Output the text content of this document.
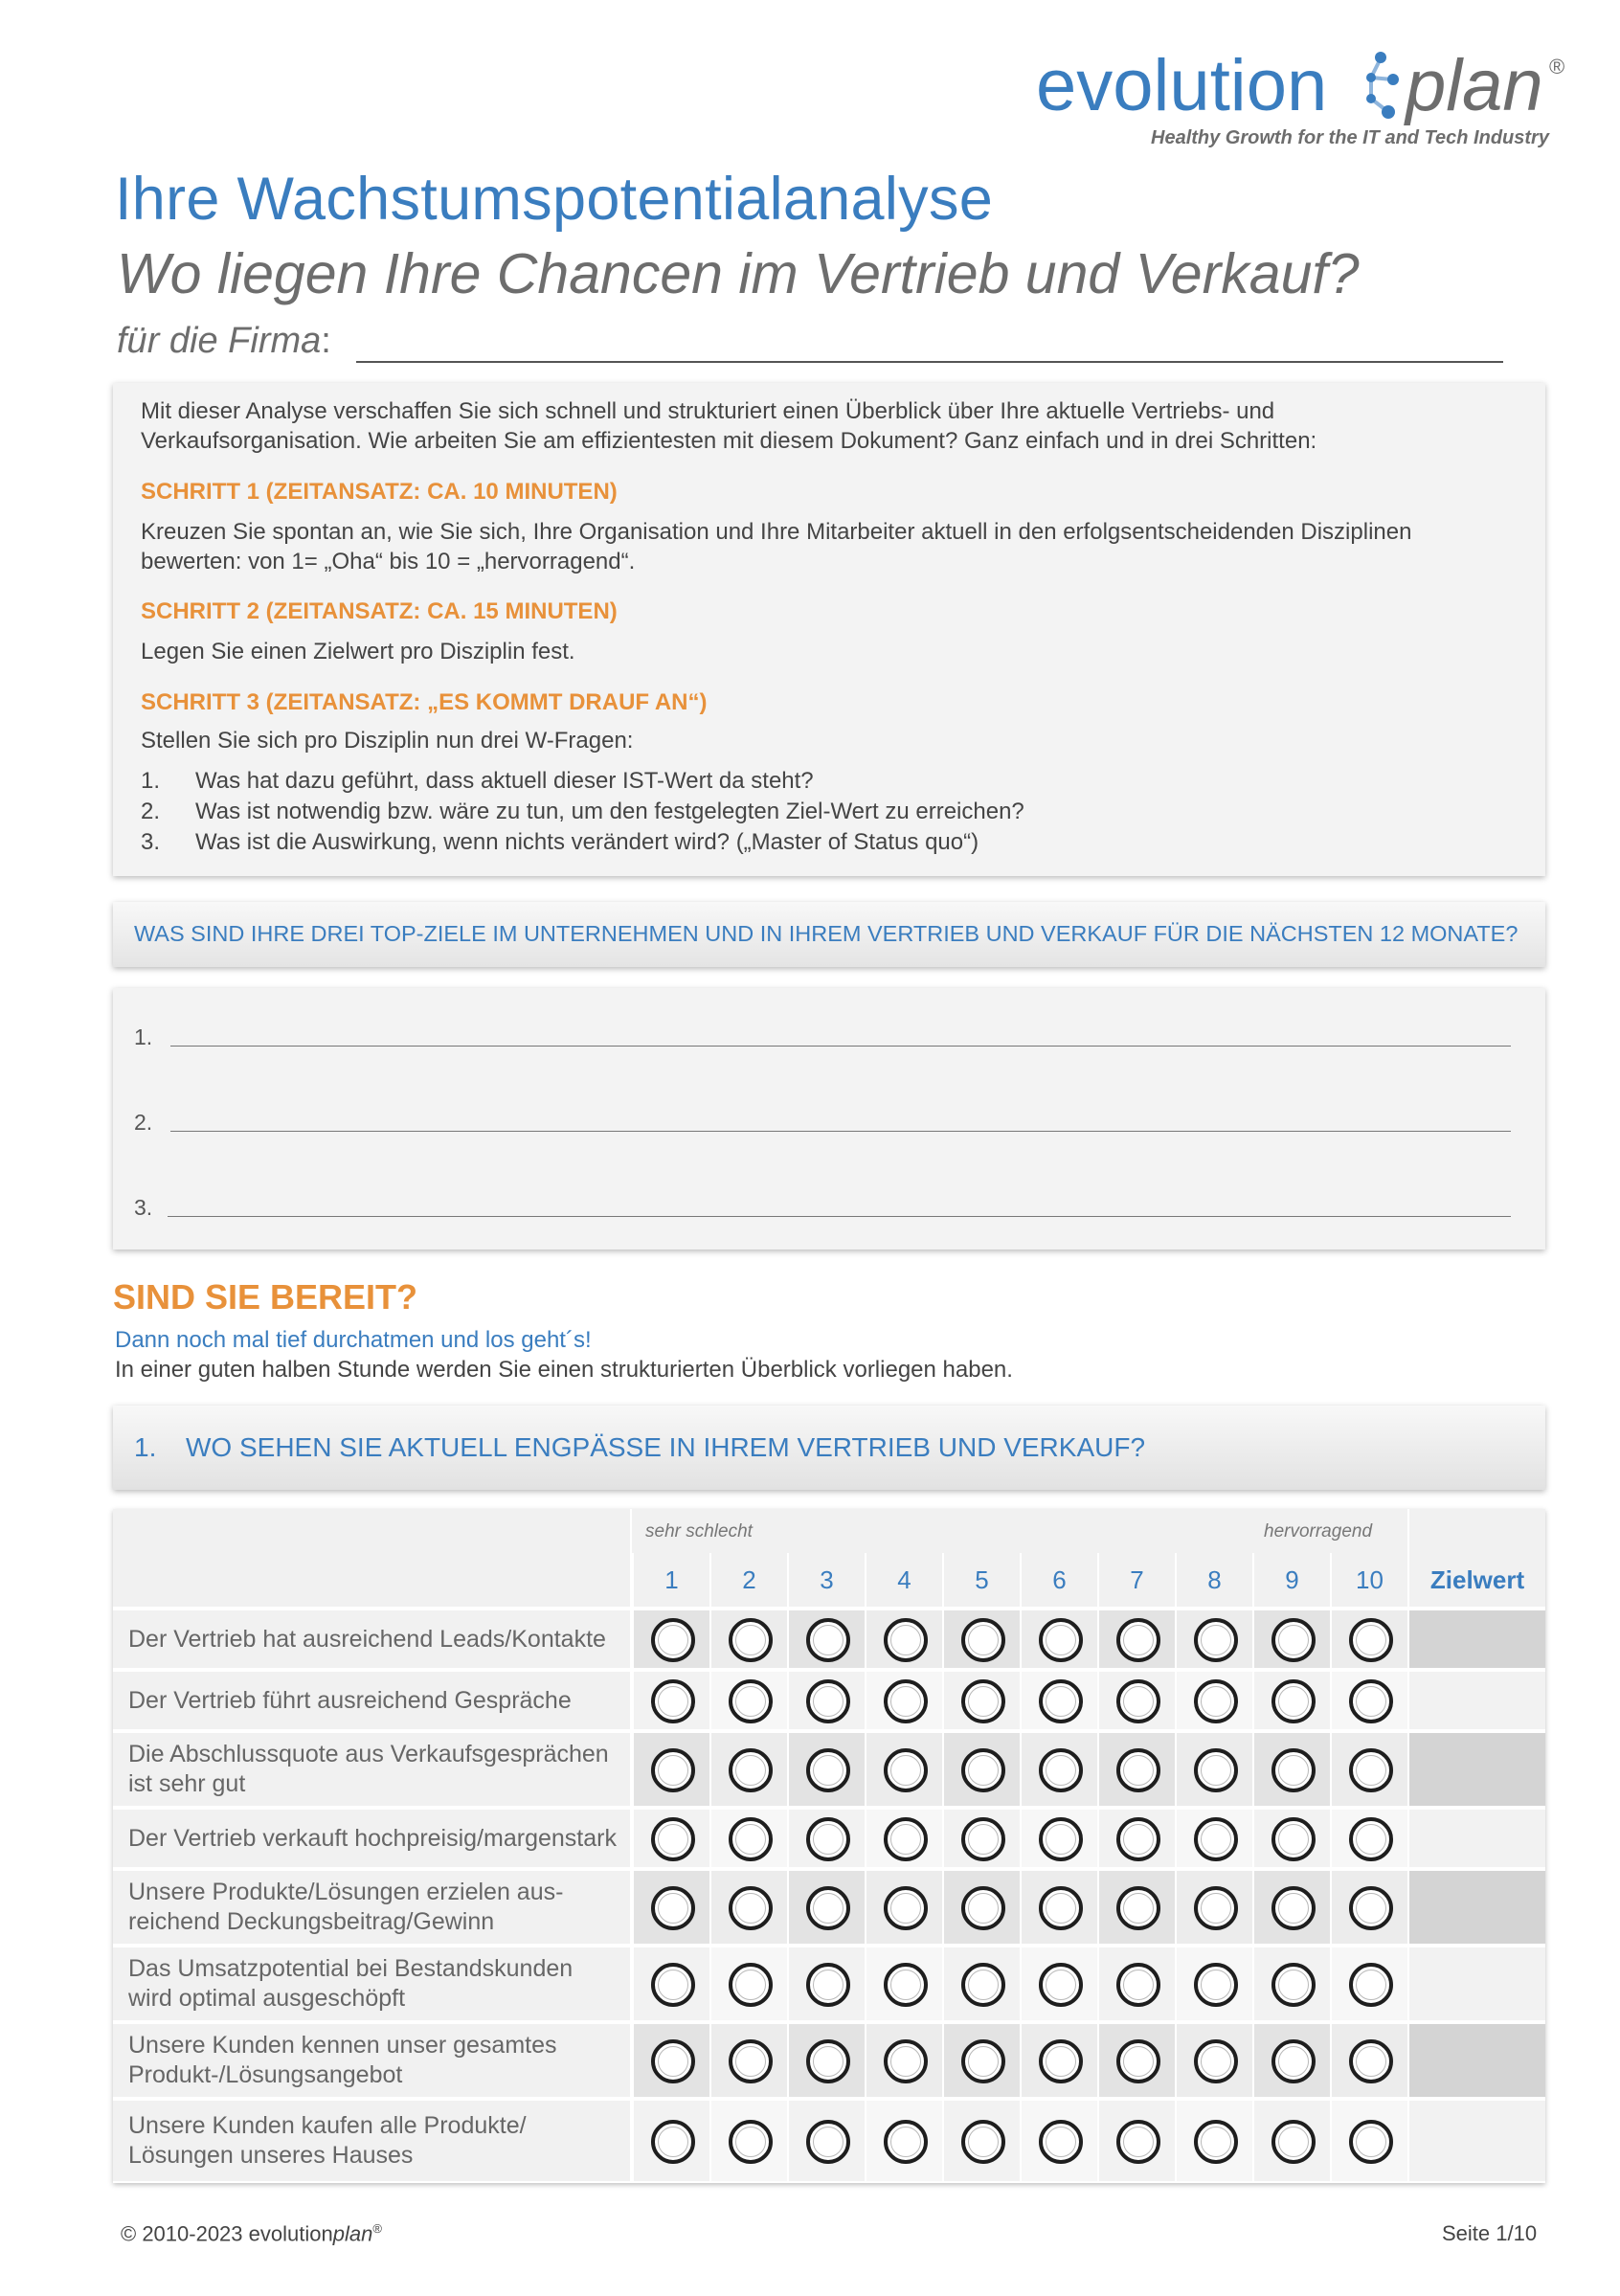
evolution plan ®
Healthy Growth for the IT and Tech Industry
Ihre Wachstumspotentialanalyse
Wo liegen Ihre Chancen im Vertrieb und Verkauf?
für die Firma:

Mit dieser Analyse verschaffen Sie sich schnell und strukturiert einen Überblick über Ihre aktuelle Vertriebs- und

Verkaufsorganisation. Wie arbeiten Sie am effizientesten mit diesem Dokument? Ganz einfach und in drei Schritten:

SCHRITT 1 (ZEITANSATZ: CA. 10 MINUTEN)

Kreuzen Sie spontan an, wie Sie sich, Ihre Organisation und Ihre Mitarbeiter aktuell in den erfolgsentscheidenden Disziplinen

bewerten: von 1= „Oha“ bis 10 = „hervorragend“.

SCHRITT 2 (ZEITANSATZ: CA. 15 MINUTEN)

Legen Sie einen Zielwert pro Disziplin fest.

SCHRITT 3 (ZEITANSATZ: „ES KOMMT DRAUF AN“)

Stellen Sie sich pro Disziplin nun drei W-Fragen:

1. Was hat dazu geführt, dass aktuell dieser IST-Wert da steht?
2. Was ist notwendig bzw. wäre zu tun, um den festgelegten Ziel-Wert zu erreichen?
3. Was ist die Auswirkung, wenn nichts verändert wird? („Master of Status quo“)
WAS SIND IHRE DREI TOP-ZIELE IM UNTERNEHMEN UND IN IHREM VERTRIEB UND VERKAUF FÜR DIE NÄCHSTEN 12 MONATE?
1.
2.
3.
SIND SIE BEREIT?
Dann noch mal tief durchatmen und los geht´s!
In einer guten halben Stunde werden Sie einen strukturierten Überblick vorliegen haben.
1. WO SEHEN SIE AKTUELL ENGPÄSSE IN IHREM VERTRIEB UND VERKAUF?
sehr schlecht	hervorragend
1	2	3	4	5	6	7	8	9	10	Zielwert
Der Vertrieb hat ausreichend Leads/Kontakte
Der Vertrieb führt ausreichend Gespräche
Die Abschlussquote aus Verkaufsgesprächen
ist sehr gut
Der Vertrieb verkauft hochpreisig/margenstark
Unsere Produkte/Lösungen erzielen aus-
reichend Deckungsbeitrag/Gewinn
Das Umsatzpotential bei Bestandskunden
wird optimal ausgeschöpft
Unsere Kunden kennen unser gesamtes
Produkt-/Lösungsangebot
Unsere Kunden kaufen alle Produkte/
Lösungen unseres Hauses
© 2010-2023 evolutionplan®	Seite 1/10
